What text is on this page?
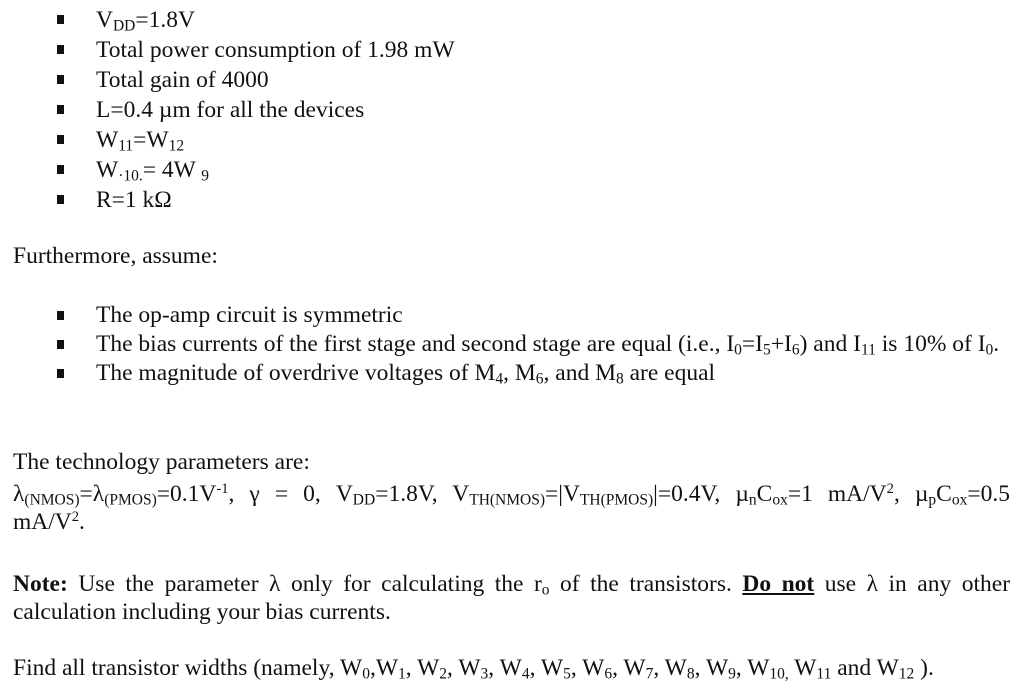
$V_{DD}=1.8V$
Total power consumption of 1.98 mW
Total gain of 4000
L=0.4 µm for all the devices
$W_{11}=W_{12}$
$W_{\cdot 10.}= 4W$ $_9$
R=1 kΩ

Furthermore, assume:

The op-amp circuit is symmetric
The bias currents of the first stage and second stage are equal (i.e., $I_0=I_5+I_6$) and $I_{11}$ is 10% of $I_0$.
The magnitude of overdrive voltages of $M_4$, $M_6$, and $M_8$ are equal

The technology parameters are:

$\lambda_{(NMOS)}=\lambda_{(PMOS)}=0.1V^{-1}$, γ = 0, $V_{DD}=1.8V$, $V_{TH(NMOS)}=|V_{TH(PMOS)}|=0.4V$, $\mu_nC_{ox}=1$ $mA/V^2$, $\mu_pC_{ox}=0.5$ $mA/V^2$.

Note: Use the parameter λ only for calculating the $r_o$ of the transistors. Do not use λ in any other calculation including your bias currents.

Find all transistor widths (namely, $W_0,W_1$, $W_2$, $W_3$, $W_4$, $W_5$, $W_6$, $W_7$, $W_8$, $W_9$, $W_{10,}$ $W_{11}$ and $W_{12}$ ).
